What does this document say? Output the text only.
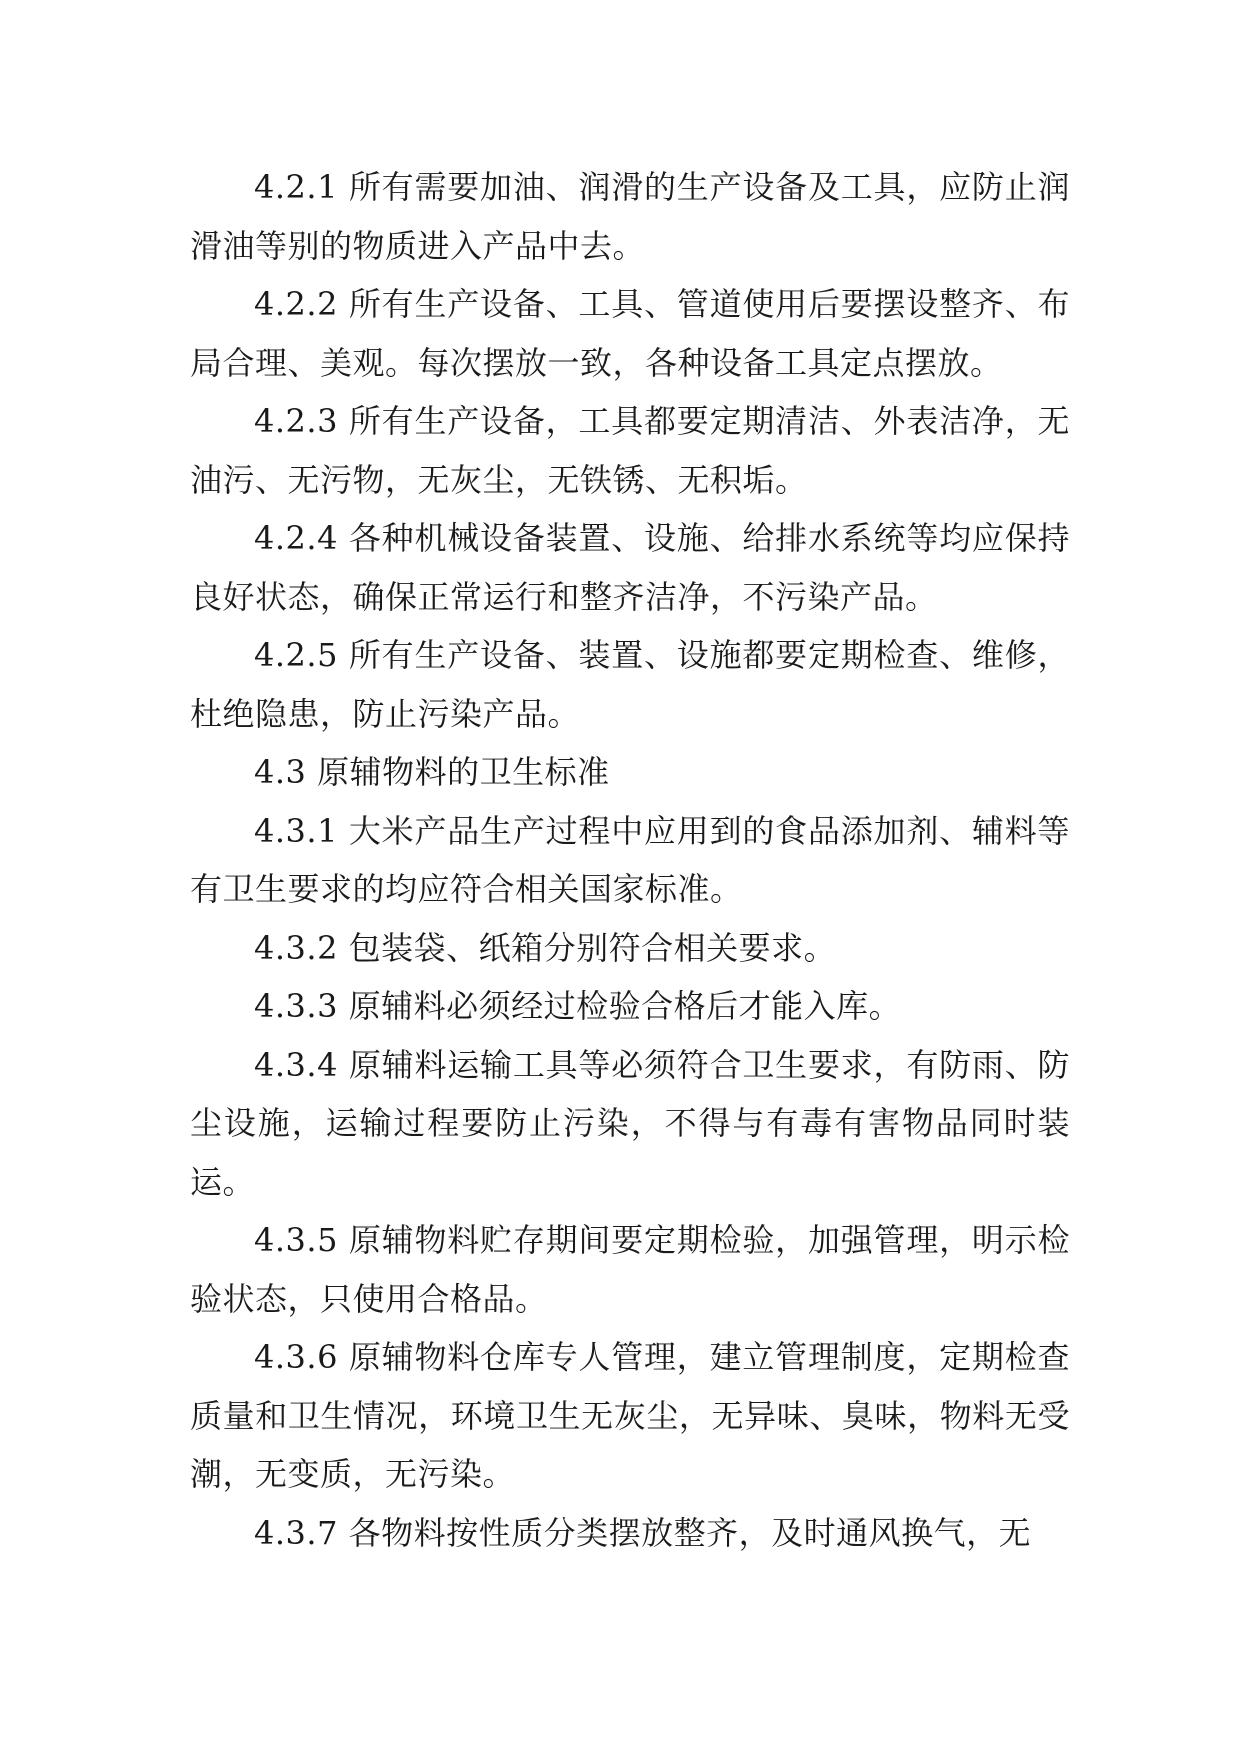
4.2.1 所有需要加油、润滑的生产设备及工具，应防止润滑油等别的物质进入产品中去。

4.2.2 所有生产设备、工具、管道使用后要摆设整齐、布局合理、美观。每次摆放一致，各种设备工具定点摆放。

4.2.3 所有生产设备，工具都要定期清洁、外表洁净，无油污、无污物，无灰尘，无铁锈、无积垢。

4.2.4 各种机械设备装置、设施、给排水系统等均应保持良好状态，确保正常运行和整齐洁净，不污染产品。

4.2.5 所有生产设备、装置、设施都要定期检查、维修，杜绝隐患，防止污染产品。

4.3 原辅物料的卫生标准

4.3.1 大米产品生产过程中应用到的食品添加剂、辅料等有卫生要求的均应符合相关国家标准。

4.3.2 包装袋、纸箱分别符合相关要求。

4.3.3 原辅料必须经过检验合格后才能入库。

4.3.4 原辅料运输工具等必须符合卫生要求，有防雨、防尘设施，运输过程要防止污染，不得与有毒有害物品同时装运。

4.3.5 原辅物料贮存期间要定期检验，加强管理，明示检验状态，只使用合格品。

4.3.6 原辅物料仓库专人管理，建立管理制度，定期检查质量和卫生情况，环境卫生无灰尘，无异味、臭味，物料无受潮，无变质，无污染。

4.3.7 各物料按性质分类摆放整齐，及时通风换气，无
